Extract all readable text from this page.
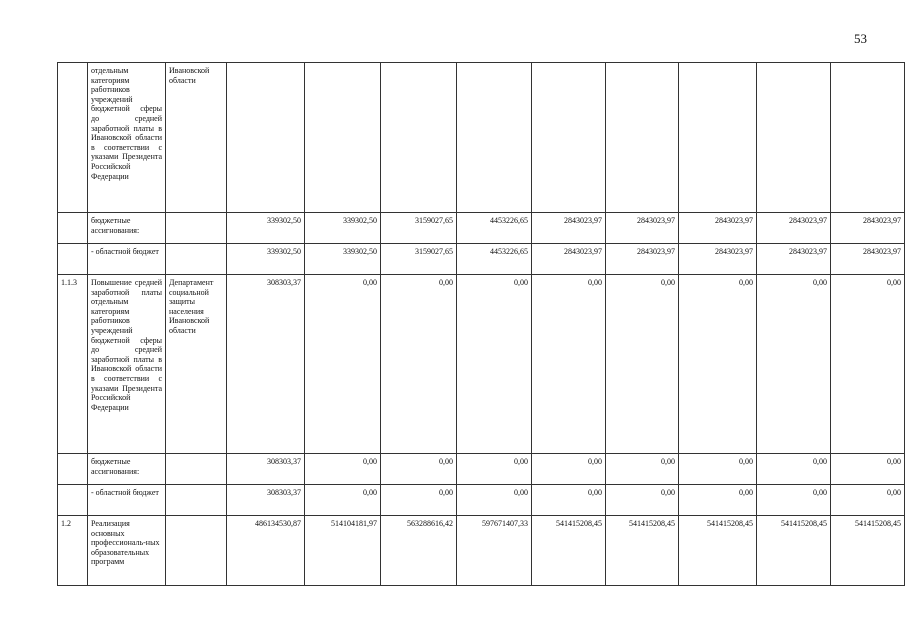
53
	отдельным категориям работников учреждений бюджетной сферы до средней заработной платы в Ивановской области в соответствии с указами Президента Российской Федерации	Ивановской области									
	бюджетные ассигнования:		339302,50	339302,50	3159027,65	4453226,65	2843023,97	2843023,97	2843023,97	2843023,97	2843023,97
	- областной бюджет		339302,50	339302,50	3159027,65	4453226,65	2843023,97	2843023,97	2843023,97	2843023,97	2843023,97
1.1.3	Повышение средней заработной платы отдельным категориям работников учреждений бюджетной сферы до средней заработной платы в Ивановской области в соответствии с указами Президента Российской Федерации	Департамент социальной защиты населения Ивановской области	308303,37	0,00	0,00	0,00	0,00	0,00	0,00	0,00	0,00
	бюджетные ассигнования:		308303,37	0,00	0,00	0,00	0,00	0,00	0,00	0,00	0,00
	- областной бюджет		308303,37	0,00	0,00	0,00	0,00	0,00	0,00	0,00	0,00
1.2	Реализация основных профессиональ-ных образовательных программ		486134530,87	514104181,97	563288616,42	597671407,33	541415208,45	541415208,45	541415208,45	541415208,45	541415208,45
